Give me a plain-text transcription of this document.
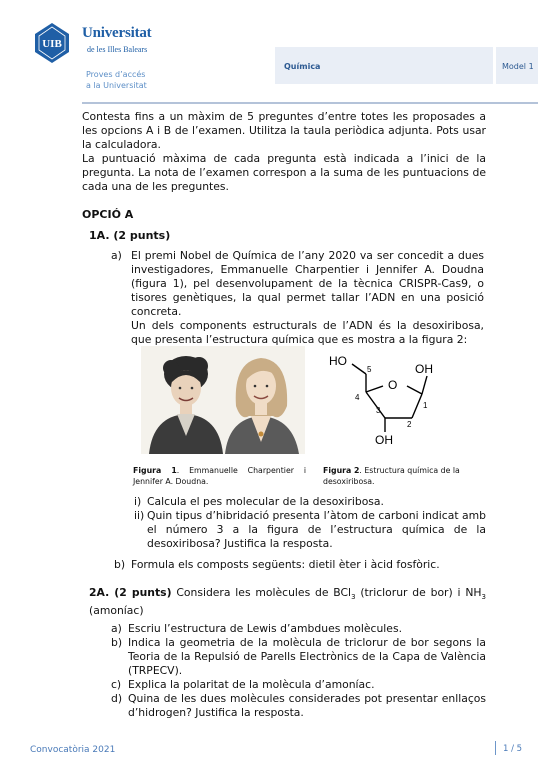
UIB
Universitat
de les Illes Balears
Proves d’accés
a la Universitat
Química	Model 1
Contesta fins a un màxim de 5 preguntes d’entre totes les proposades a les opcions A i B de l’examen. Utilitza la taula periòdica adjunta. Pots usar la calculadora.
La puntuació màxima de cada pregunta està indicada a l’inici de la pregunta. La nota de l’examen correspon a la suma de les puntuacions de cada una de les preguntes.
OPCIÓ A
1A. (2 punts)
a) El premi Nobel de Química de l’any 2020 va ser concedit a dues investigadores, Emmanuelle Charpentier i Jennifer A. Doudna (figura 1), pel desenvolupament de la tècnica CRISPR-Cas9, o tisores genètiques, la qual permet tallar l’ADN en una posició concreta.
Un dels components estructurals de l’ADN és la desoxiribosa, que presenta l’estructura química que es mostra a la figura 2:
HO
OH
O
OH
1
2
3
4
5
Figura 1. Emmanuelle Charpentier i Jennifer A. Doudna.
Figura 2. Estructura química de la desoxiribosa.
i) Calcula el pes molecular de la desoxiribosa.
ii) Quin tipus d’hibridació presenta l’àtom de carboni indicat amb el número 3 a la figura de l’estructura química de la desoxiribosa? Justifica la resposta.
b) Formula els composts següents: dietil èter i àcid fosfòric.
2A. (2 punts) Considera les molècules de BCl$_3$ (triclorur de bor) i $NH_3$ (amoníac)
a) Escriu l’estructura de Lewis d’ambdues molècules.
b) Indica la geometria de la molècula de triclorur de bor segons la Teoria de la Repulsió de Parells Electrònics de la Capa de València (TRPECV).
c) Explica la polaritat de la molècula d’amoníac.
d) Quina de les dues molècules considerades pot presentar enllaços d’hidrogen? Justifica la resposta.
Convocatòria 2021	1 / 5
